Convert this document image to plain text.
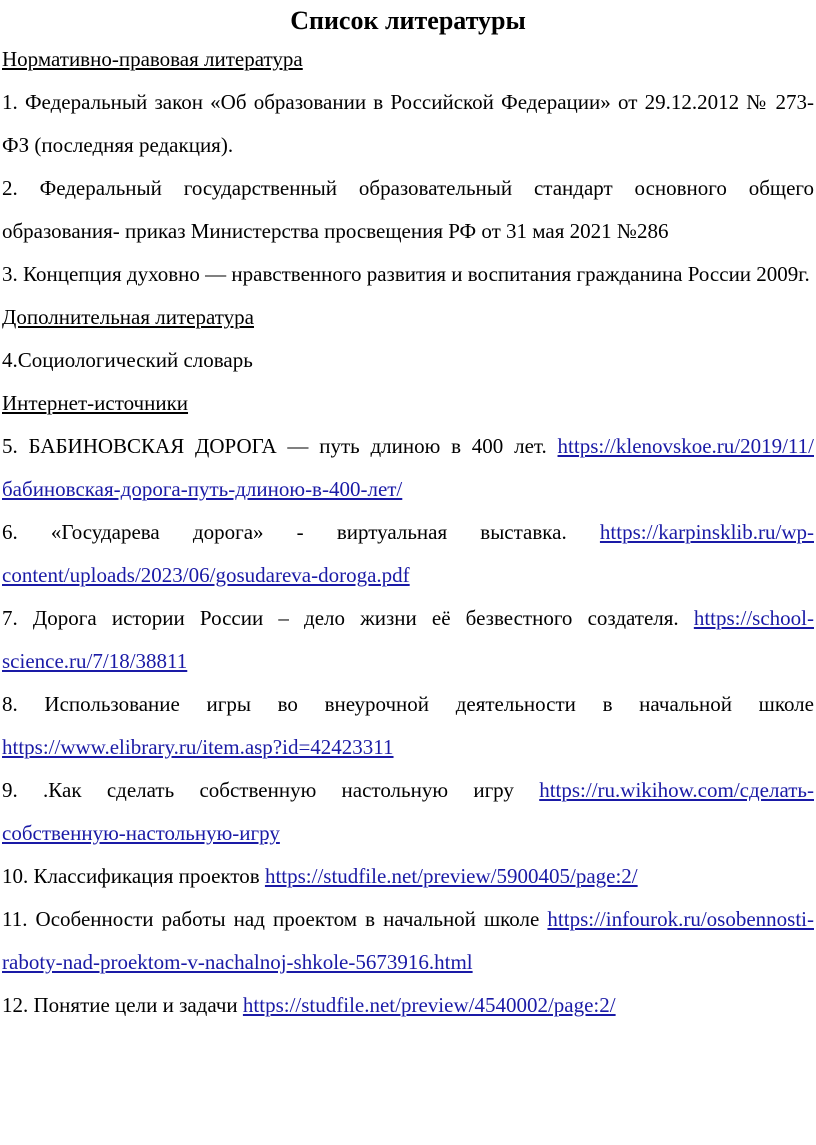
Список литературы

Нормативно-правовая литература

1. Федеральный закон «Об образовании в Российской Федерации» от 29.12.2012 № 273-ФЗ (последняя редакция).

2. Федеральный государственный образовательный стандарт основного общего образования- приказ Министерства просвещения РФ от 31 мая 2021 №286

3. Концепция духовно — нравственного развития и воспитания гражданина России 2009г.

Дополнительная литература

4.Социологический словарь

Интернет-источники

5. БАБИНОВСКАЯ ДОРОГА — путь длиною в 400 лет. https://klenovskoe.ru/2019/11/бабиновская-дорога-путь-длиною-в-400-лет/

6. «Государева дорога» - виртуальная выставка. https://karpinsklib.ru/wp-content/uploads/2023/06/gosudareva-doroga.pdf

7. Дорога истории России – дело жизни её безвестного создателя. https://school-science.ru/7/18/38811

8. Использование игры во внеурочной деятельности в начальной школе https://www.elibrary.ru/item.asp?id=42423311

9. .Как сделать собственную настольную игру https://ru.wikihow.com/сделать-собственную-настольную-игру

10. Классификация проектов https://studfile.net/preview/5900405/page:2/

11. Особенности работы над проектом в начальной школе https://infourok.ru/osobennosti-raboty-nad-proektom-v-nachalnoj-shkole-5673916.html

12. Понятие цели и задачи https://studfile.net/preview/4540002/page:2/
